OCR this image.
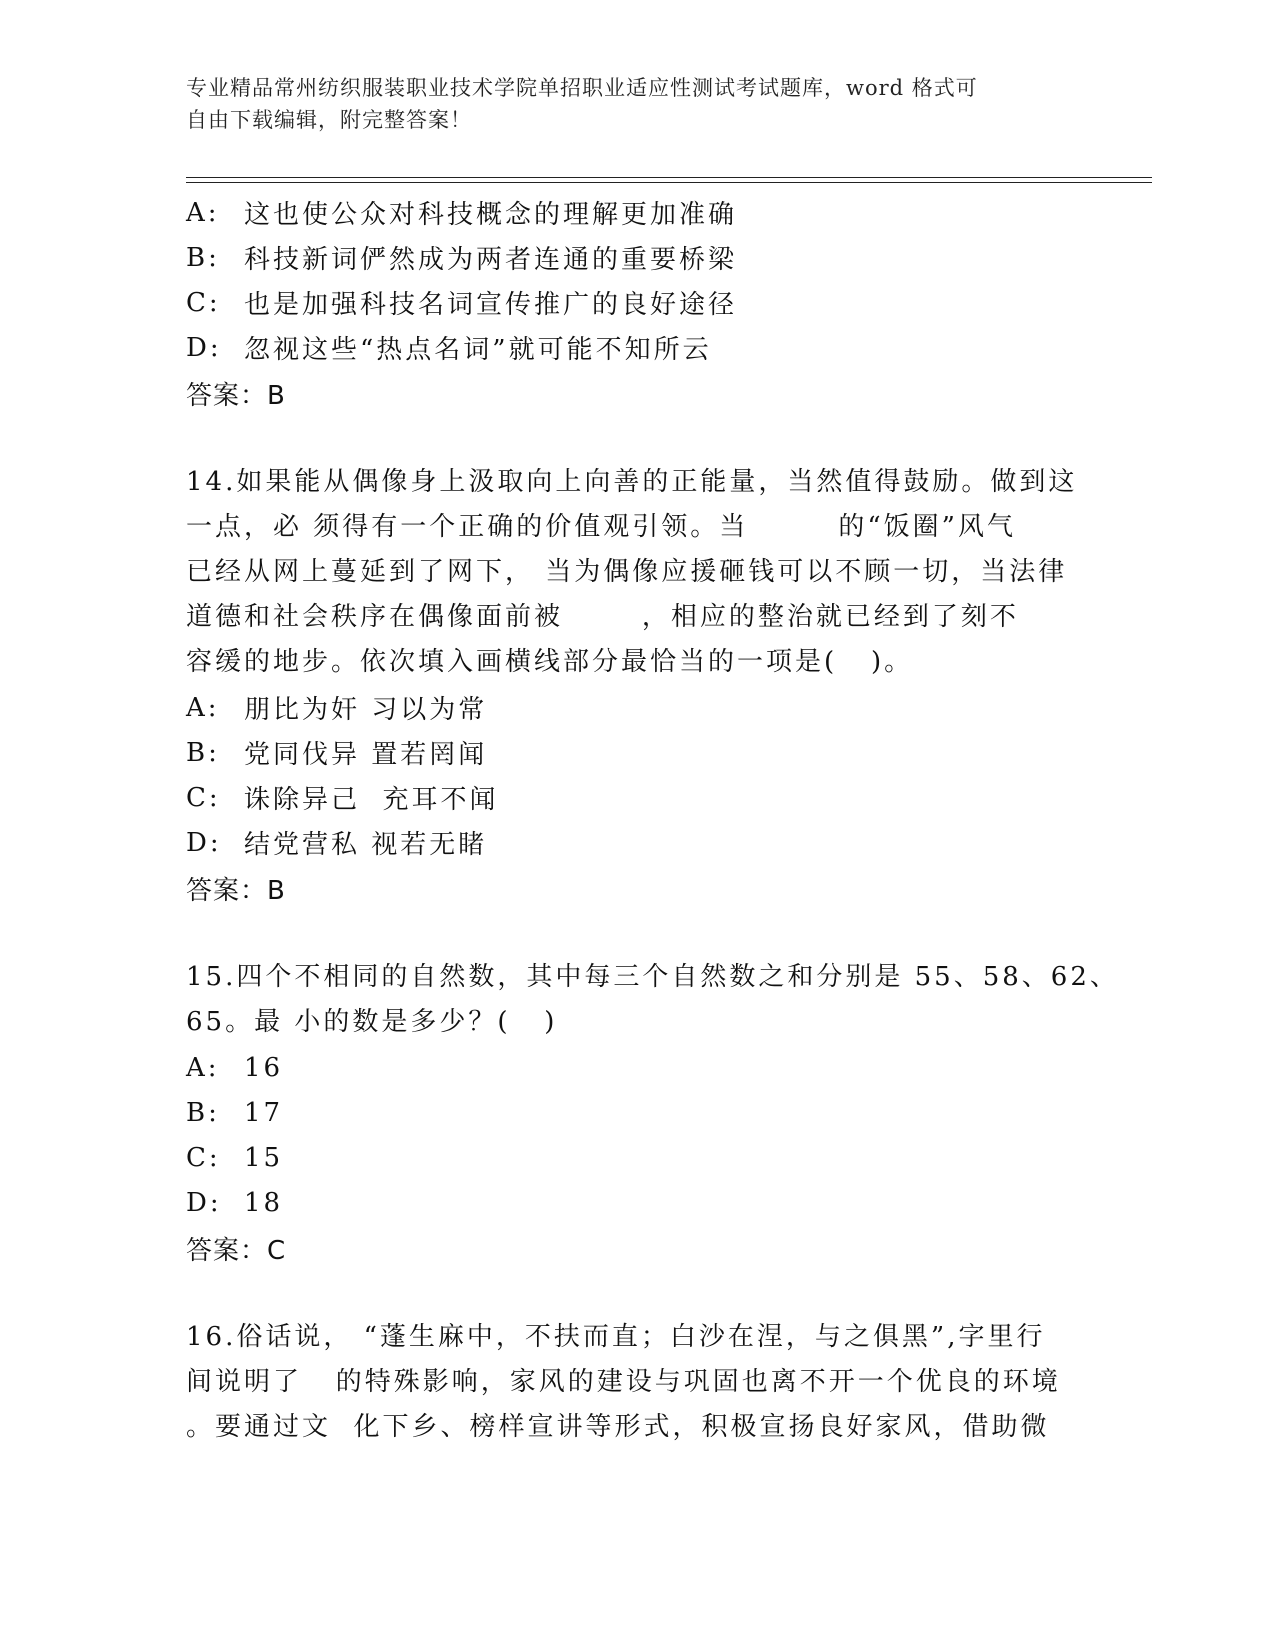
专业精品常州纺织服装职业技术学院单招职业适应性测试考试题库，word 格式可
自由下载编辑，附完整答案！
A: 这也使公众对科技概念的理解更加准确
B: 科技新词俨然成为两者连通的重要桥梁
C: 也是加强科技名词宣传推广的良好途径
D: 忽视这些“热点名词”就可能不知所云
答案：B
14.如果能从偶像身上汲取向上向善的正能量，当然值得鼓励。做到这
一点，必 须得有一个正确的价值观引领。当        的“饭圈”风气
已经从网上蔓延到了网下， 当为偶像应援砸钱可以不顾一切，当法律
道德和社会秩序在偶像面前被       ，相应的整治就已经到了刻不
容缓的地步。依次填入画横线部分最恰当的一项是(   )。
A: 朋比为奸 习以为常
B: 党同伐异 置若罔闻
C: 诛除异己  充耳不闻
D: 结党营私 视若无睹
答案：B
15.四个不相同的自然数，其中每三个自然数之和分别是 55、58、62、
65。最 小的数是多少？(   )
A: 16
B: 17
C: 15
D: 18
答案：C
16.俗话说， “蓬生麻中，不扶而直；白沙在涅，与之俱黑”,字里行
间说明了   的特殊影响，家风的建设与巩固也离不开一个优良的环境
。要通过文  化下乡、榜样宣讲等形式，积极宣扬良好家风，借助微
